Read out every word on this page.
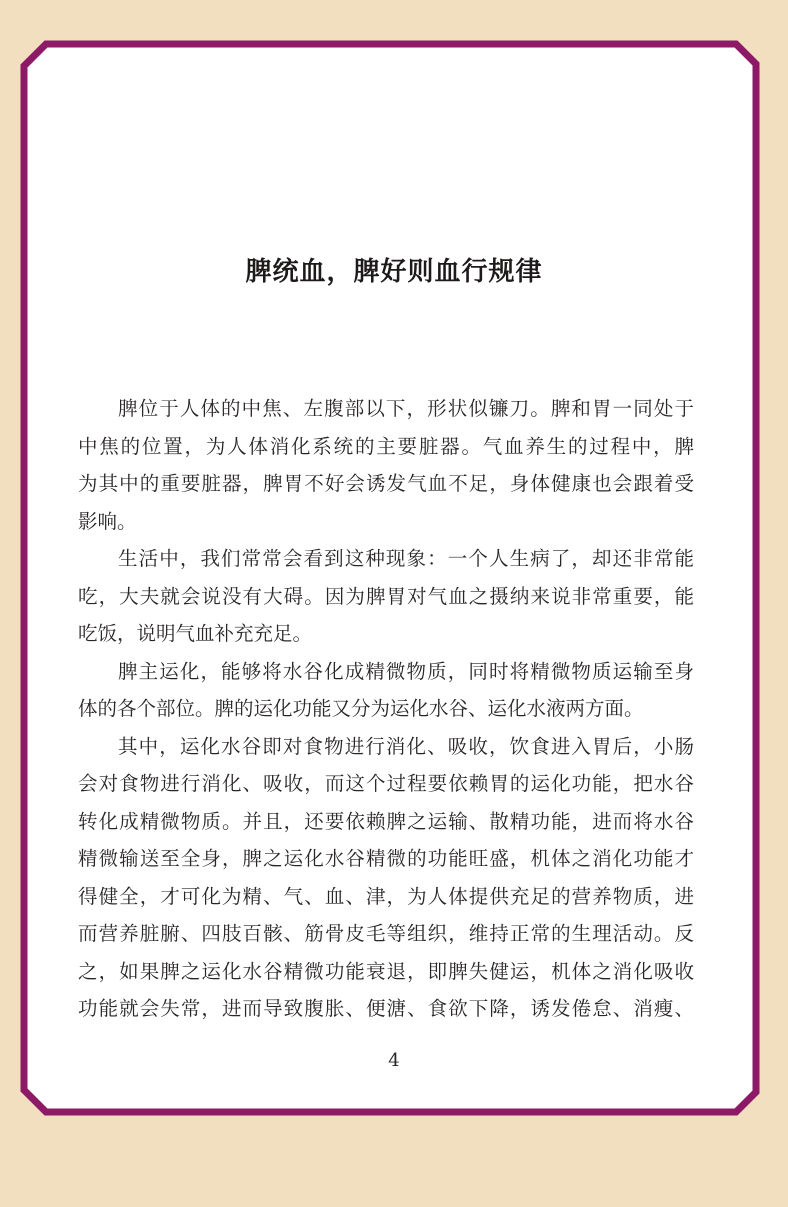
脾统血，脾好则血行规律
脾位于人体的中焦、左腹部以下，形状似镰刀。脾和胃一同处于
中焦的位置，为人体消化系统的主要脏器。气血养生的过程中，脾
为其中的重要脏器，脾胃不好会诱发气血不足，身体健康也会跟着受
影响。
生活中，我们常常会看到这种现象：一个人生病了，却还非常能
吃，大夫就会说没有大碍。因为脾胃对气血之摄纳来说非常重要，能
吃饭，说明气血补充充足。
脾主运化，能够将水谷化成精微物质，同时将精微物质运输至身
体的各个部位。脾的运化功能又分为运化水谷、运化水液两方面。
其中，运化水谷即对食物进行消化、吸收，饮食进入胃后，小肠
会对食物进行消化、吸收，而这个过程要依赖胃的运化功能，把水谷
转化成精微物质。并且，还要依赖脾之运输、散精功能，进而将水谷
精微输送至全身，脾之运化水谷精微的功能旺盛，机体之消化功能才
得健全，才可化为精、气、血、津，为人体提供充足的营养物质，进
而营养脏腑、四肢百骸、筋骨皮毛等组织，维持正常的生理活动。反
之，如果脾之运化水谷精微功能衰退，即脾失健运，机体之消化吸收
功能就会失常，进而导致腹胀、便溏、食欲下降，诱发倦怠、消瘦、
4
